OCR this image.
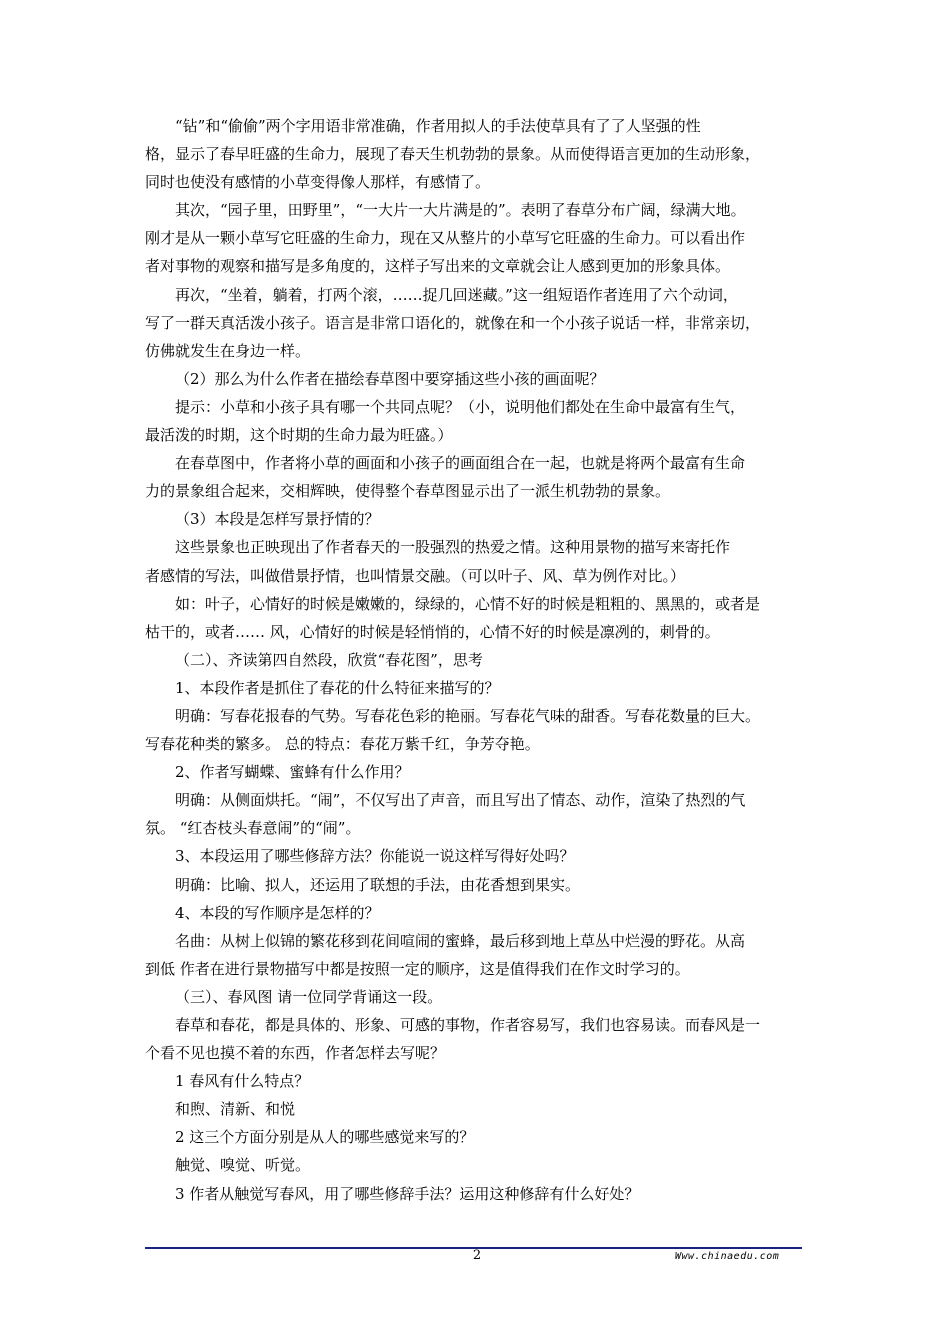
“钻”和“偷偷”两个字用语非常准确，作者用拟人的手法使草具有了了人坚强的性
格，显示了春早旺盛的生命力，展现了春天生机勃勃的景象。从而使得语言更加的生动形象，
同时也使没有感情的小草变得像人那样，有感情了。
其次，“园子里，田野里”，“一大片一大片满是的”。表明了春草分布广阔，绿满大地。
刚才是从一颗小草写它旺盛的生命力，现在又从整片的小草写它旺盛的生命力。可以看出作
者对事物的观察和描写是多角度的，这样子写出来的文章就会让人感到更加的形象具体。
再次，“坐着，躺着，打两个滚，……捉几回迷藏。”这一组短语作者连用了六个动词，
写了一群天真活泼小孩子。语言是非常口语化的，就像在和一个小孩子说话一样，非常亲切，
仿佛就发生在身边一样。
（2）那么为什么作者在描绘春草图中要穿插这些小孩的画面呢？
提示：小草和小孩子具有哪一个共同点呢？（小，说明他们都处在生命中最富有生气，
最活泼的时期，这个时期的生命力最为旺盛。）
在春草图中，作者将小草的画面和小孩子的画面组合在一起，也就是将两个最富有生命
力的景象组合起来，交相辉映，使得整个春草图显示出了一派生机勃勃的景象。
（3）本段是怎样写景抒情的？
这些景象也正映现出了作者春天的一股强烈的热爱之情。这种用景物的描写来寄托作
者感情的写法，叫做借景抒情，也叫情景交融。（可以叶子、风、草为例作对比。）
如：叶子，心情好的时候是嫩嫩的，绿绿的，心情不好的时候是粗粗的、黑黑的，或者是
枯干的，或者…… 风，心情好的时候是轻悄悄的，心情不好的时候是凛冽的，刺骨的。
（二）、齐读第四自然段，欣赏“春花图”，思考
1、本段作者是抓住了春花的什么特征来描写的？
明确：写春花报春的气势。写春花色彩的艳丽。写春花气味的甜香。写春花数量的巨大。
写春花种类的繁多。 总的特点：春花万紫千红，争芳夺艳。
2、作者写蝴蝶、蜜蜂有什么作用？
明确：从侧面烘托。“闹”，不仅写出了声音，而且写出了情态、动作，渲染了热烈的气
氛。 “红杏枝头春意闹”的“闹”。
3、本段运用了哪些修辞方法？你能说一说这样写得好处吗？
明确：比喻、拟人，还运用了联想的手法，由花香想到果实。
4、本段的写作顺序是怎样的？
名曲：从树上似锦的繁花移到花间喧闹的蜜蜂，最后移到地上草丛中烂漫的野花。从高
到低 作者在进行景物描写中都是按照一定的顺序，这是值得我们在作文时学习的。
（三）、春风图 请一位同学背诵这一段。
春草和春花，都是具体的、形象、可感的事物，作者容易写，我们也容易读。而春风是一
个看不见也摸不着的东西，作者怎样去写呢？
1 春风有什么特点？
和煦、清新、和悦
2 这三个方面分别是从人的哪些感觉来写的？
触觉、嗅觉、听觉。
3 作者从触觉写春风，用了哪些修辞手法？运用这种修辞有什么好处？
2	Www.chinaedu.com
